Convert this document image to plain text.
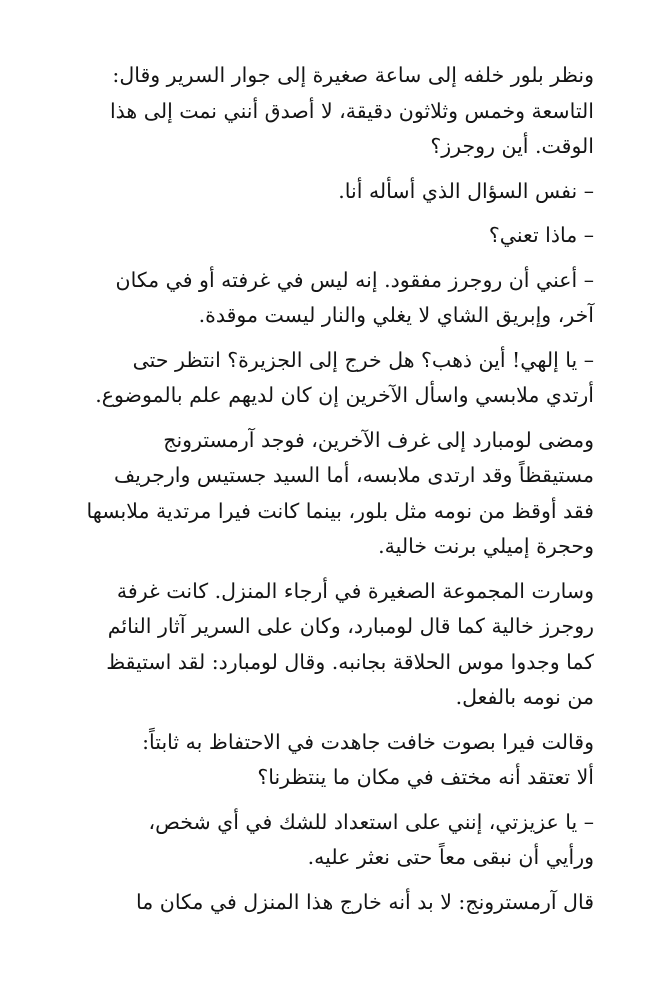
ونظر بلور خلفه إلى ساعة صغيرة إلى جوار السرير وقال:
التاسعة وخمس وثلاثون دقيقة، لا أصدق أنني نمت إلى هذا
الوقت. أين روجرز؟

– نفس السؤال الذي أسأله أنا.

– ماذا تعني؟

– أعني أن روجرز مفقود. إنه ليس في غرفته أو في مكان
آخر، وإبريق الشاي لا يغلي والنار ليست موقدة.

– يا إلهي! أين ذهب؟ هل خرج إلى الجزيرة؟ انتظر حتى
أرتدي ملابسي واسأل الآخرين إن كان لديهم علم بالموضوع.

ومضى لومبارد إلى غرف الآخرين، فوجد آرمسترونج
مستيقظاً وقد ارتدى ملابسه، أما السيد جستيس وارجريف
فقد أوقظ من نومه مثل بلور، بينما كانت فيرا مرتدية ملابسها
وحجرة إميلي برنت خالية.

وسارت المجموعة الصغيرة في أرجاء المنزل. كانت غرفة
روجرز خالية كما قال لومبارد، وكان على السرير آثار النائم
كما وجدوا موس الحلاقة بجانبه. وقال لومبارد: لقد استيقظ
من نومه بالفعل.

وقالت فيرا بصوت خافت جاهدت في الاحتفاظ به ثابتاً:
ألا تعتقد أنه مختف في مكان ما ينتظرنا؟

– يا عزيزتي، إنني على استعداد للشك في أي شخص،
ورأيي أن نبقى معاً حتى نعثر عليه.

قال آرمسترونج: لا بد أنه خارج هذا المنزل في مكان ما
